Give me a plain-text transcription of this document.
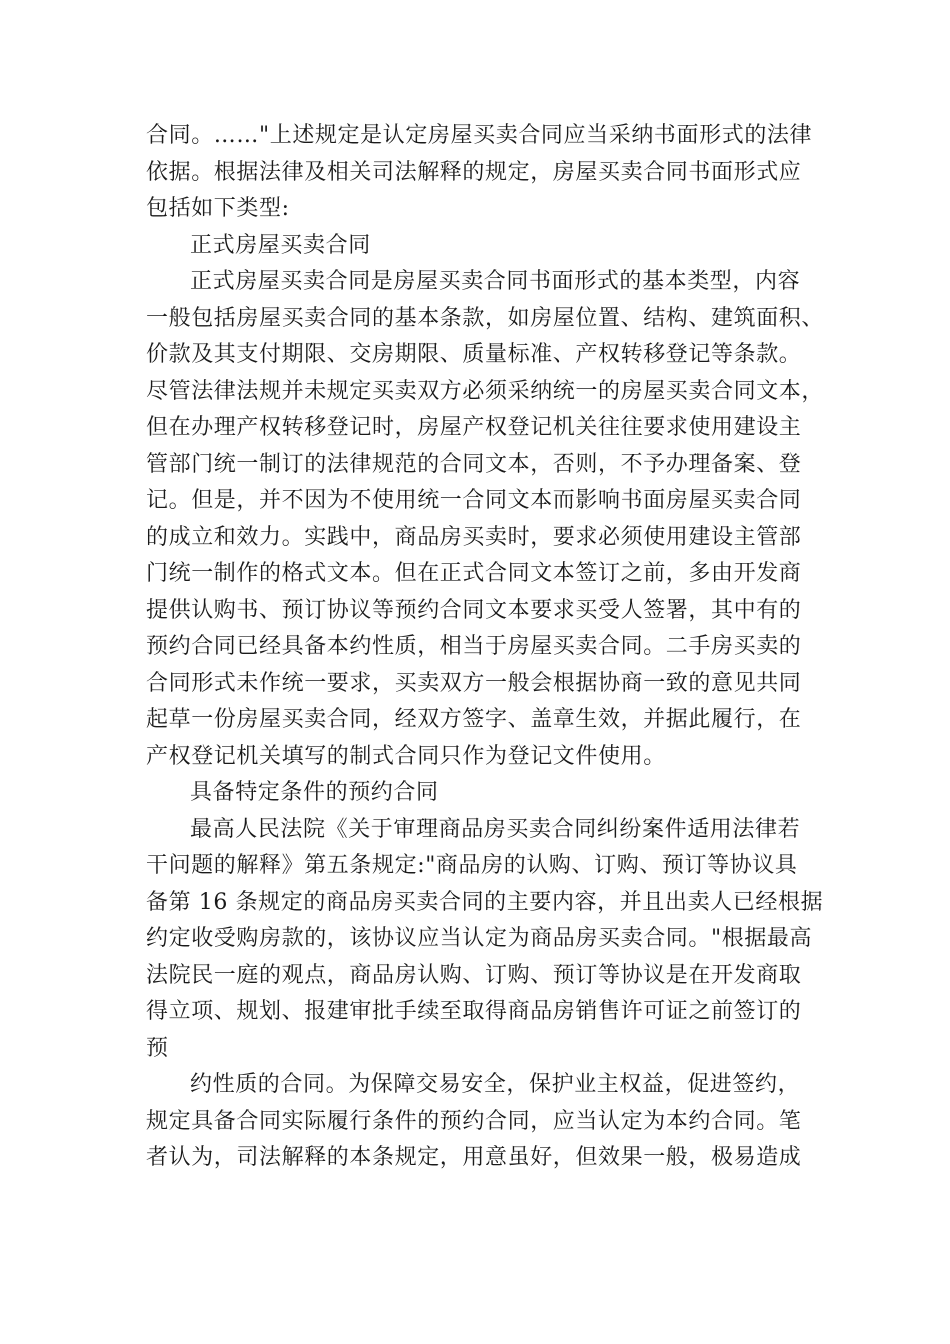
合同。……"上述规定是认定房屋买卖合同应当采纳书面形式的法律
依据。根据法律及相关司法解释的规定，房屋买卖合同书面形式应
包括如下类型:
正式房屋买卖合同
正式房屋买卖合同是房屋买卖合同书面形式的基本类型，内容
一般包括房屋买卖合同的基本条款，如房屋位置、结构、建筑面积、
价款及其支付期限、交房期限、质量标准、产权转移登记等条款。
尽管法律法规并未规定买卖双方必须采纳统一的房屋买卖合同文本，
但在办理产权转移登记时，房屋产权登记机关往往要求使用建设主
管部门统一制订的法律规范的合同文本，否则，不予办理备案、登
记。但是，并不因为不使用统一合同文本而影响书面房屋买卖合同
的成立和效力。实践中，商品房买卖时，要求必须使用建设主管部
门统一制作的格式文本。但在正式合同文本签订之前，多由开发商
提供认购书、预订协议等预约合同文本要求买受人签署，其中有的
预约合同已经具备本约性质，相当于房屋买卖合同。二手房买卖的
合同形式未作统一要求，买卖双方一般会根据协商一致的意见共同
起草一份房屋买卖合同，经双方签字、盖章生效，并据此履行，在
产权登记机关填写的制式合同只作为登记文件使用。
具备特定条件的预约合同
最高人民法院《关于审理商品房买卖合同纠纷案件适用法律若
干问题的解释》第五条规定:"商品房的认购、订购、预订等协议具
备第 16 条规定的商品房买卖合同的主要内容，并且出卖人已经根据
约定收受购房款的，该协议应当认定为商品房买卖合同。"根据最高
法院民一庭的观点，商品房认购、订购、预订等协议是在开发商取
得立项、规划、报建审批手续至取得商品房销售许可证之前签订的
预
约性质的合同。为保障交易安全，保护业主权益，促进签约，
规定具备合同实际履行条件的预约合同，应当认定为本约合同。笔
者认为，司法解释的本条规定，用意虽好，但效果一般，极易造成
